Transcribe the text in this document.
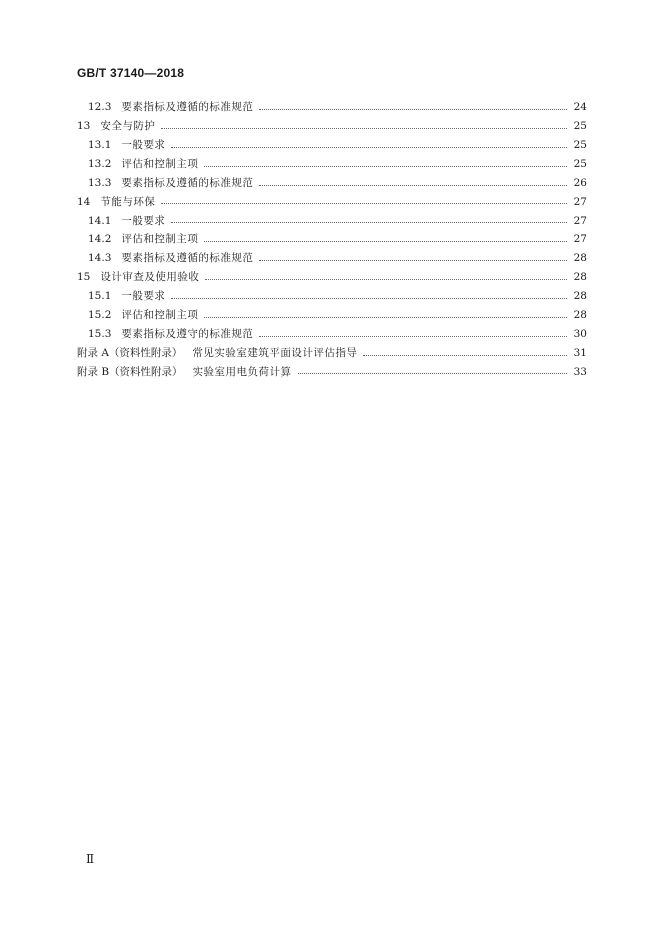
GB/T 37140—2018
12.3 要素指标及遵循的标准规范	24
13 安全与防护	25
13.1 一般要求	25
13.2 评估和控制主项	25
13.3 要素指标及遵循的标准规范	26
14 节能与环保	27
14.1 一般要求	27
14.2 评估和控制主项	27
14.3 要素指标及遵循的标准规范	28
15 设计审查及使用验收	28
15.1 一般要求	28
15.2 评估和控制主项	28
15.3 要素指标及遵守的标准规范	30
附录 A（资料性附录） 常见实验室建筑平面设计评估指导	31
附录 B（资料性附录） 实验室用电负荷计算	33
Ⅱ
